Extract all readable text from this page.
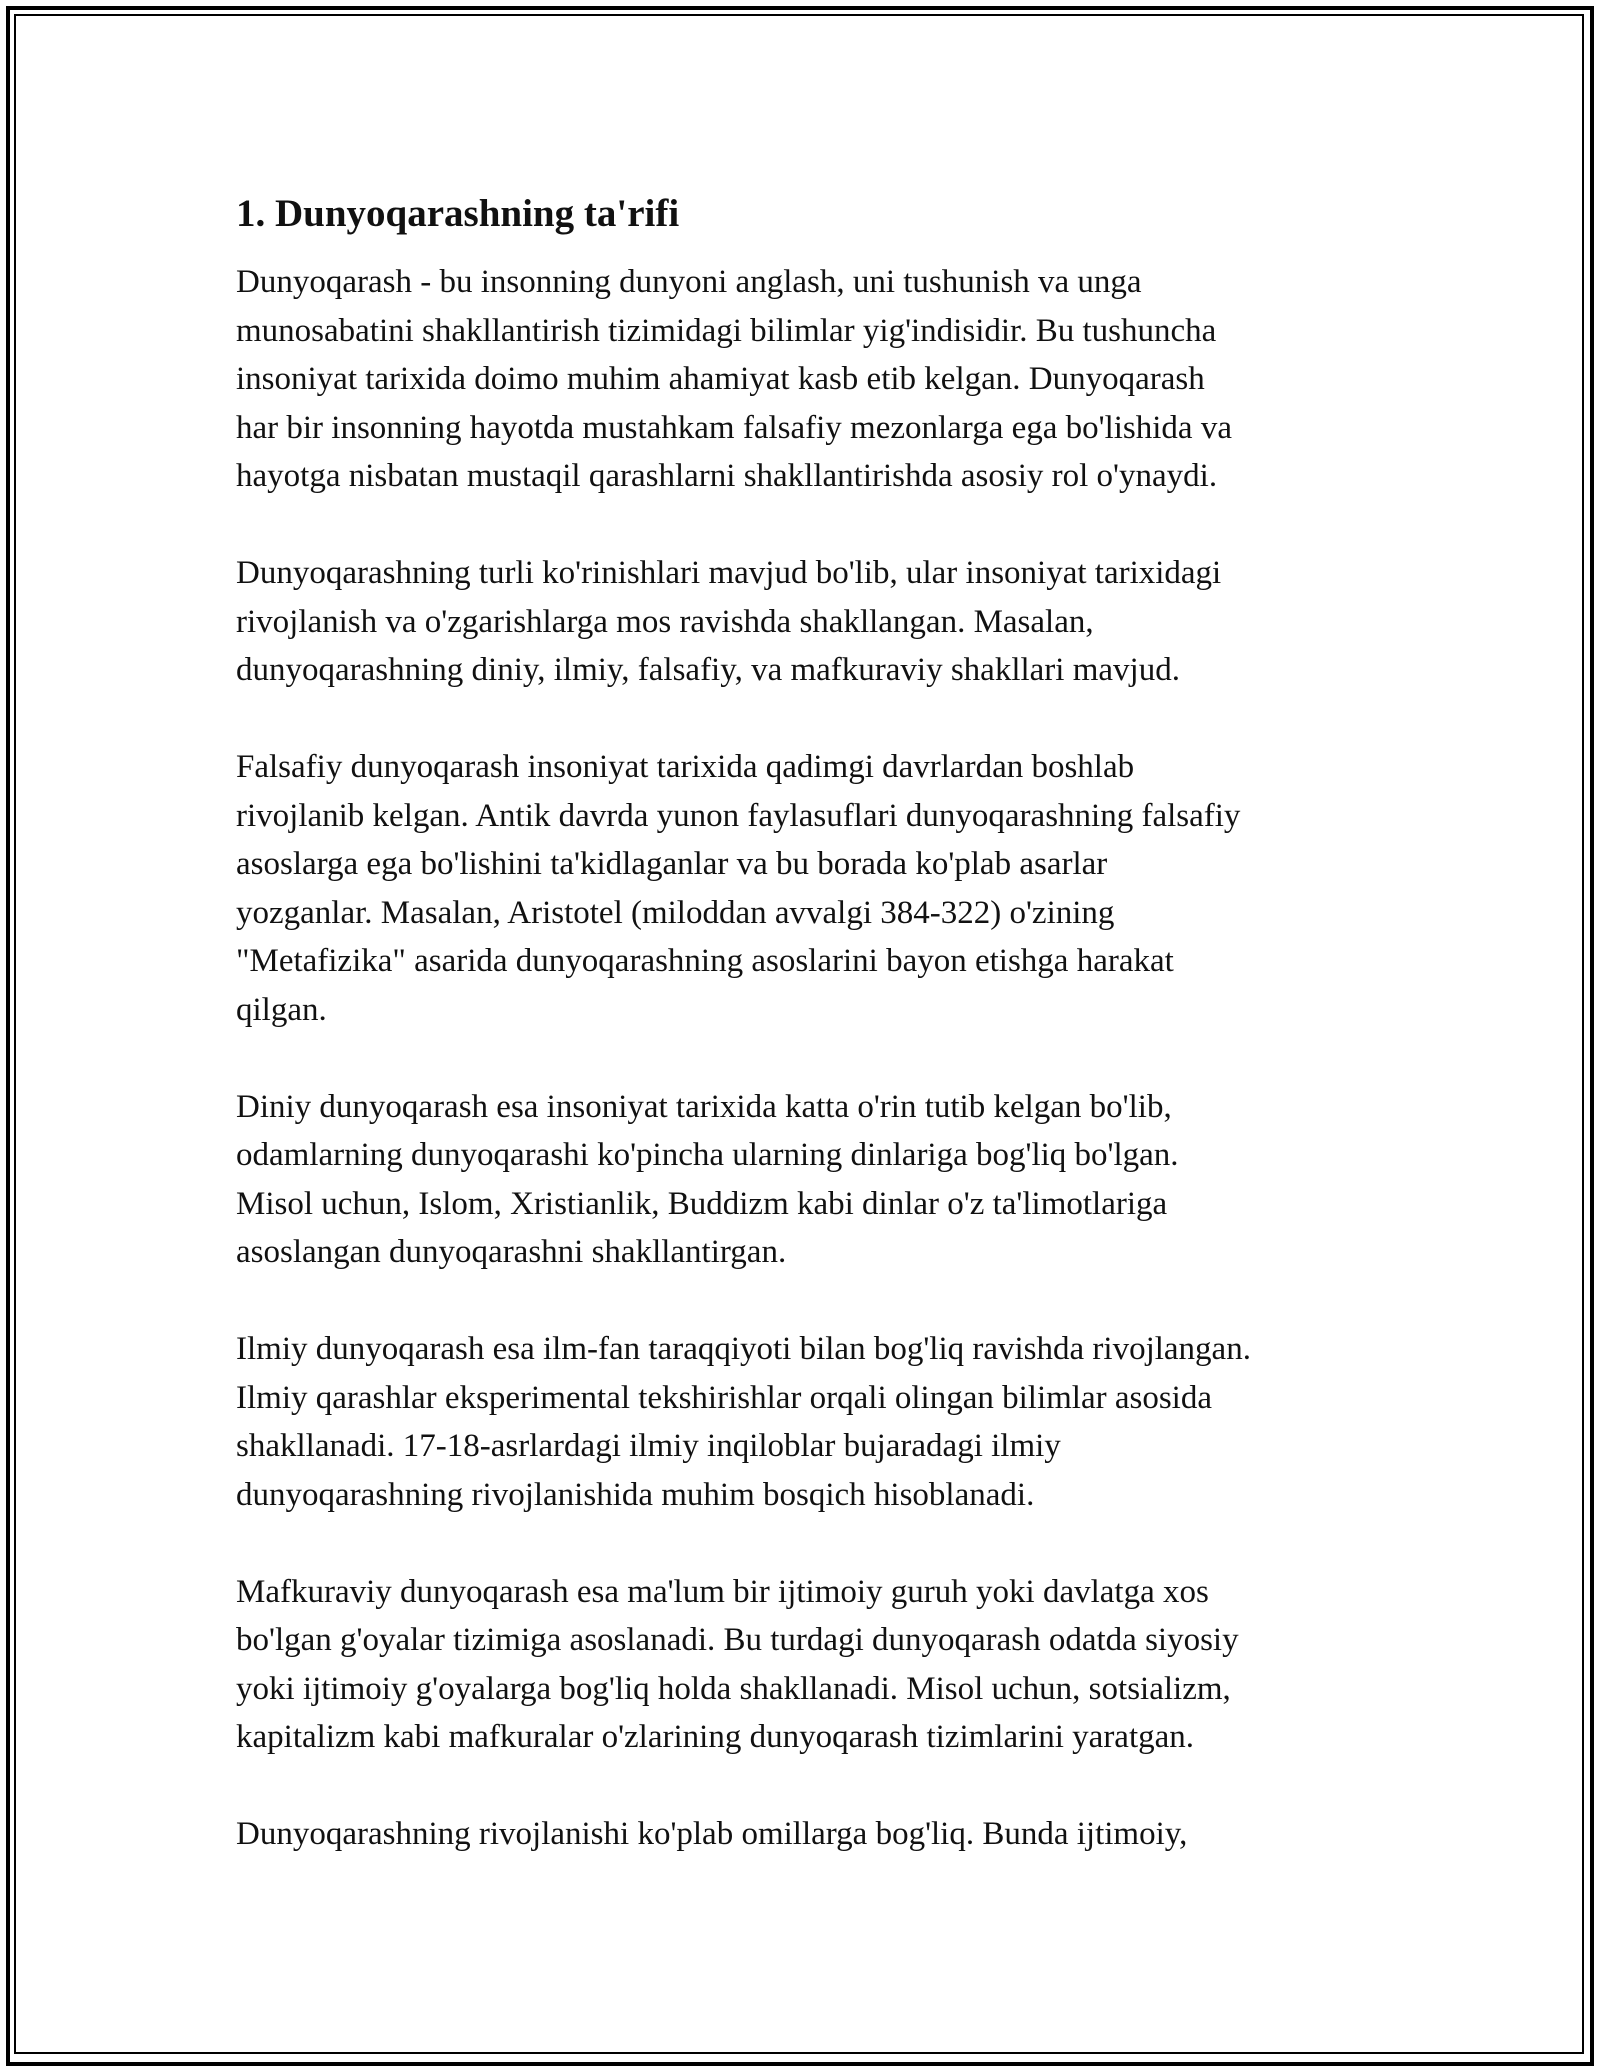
1. Dunyoqarashning ta'rifi

Dunyoqarash - bu insonning dunyoni anglash, uni tushunish va unga
munosabatini shakllantirish tizimidagi bilimlar yig'indisidir. Bu tushuncha
insoniyat tarixida doimo muhim ahamiyat kasb etib kelgan. Dunyoqarash
har bir insonning hayotda mustahkam falsafiy mezonlarga ega bo'lishida va
hayotga nisbatan mustaqil qarashlarni shakllantirishda asosiy rol o'ynaydi.

Dunyoqarashning turli ko'rinishlari mavjud bo'lib, ular insoniyat tarixidagi
rivojlanish va o'zgarishlarga mos ravishda shakllangan. Masalan,
dunyoqarashning diniy, ilmiy, falsafiy, va mafkuraviy shakllari mavjud.

Falsafiy dunyoqarash insoniyat tarixida qadimgi davrlardan boshlab
rivojlanib kelgan. Antik davrda yunon faylasuflari dunyoqarashning falsafiy
asoslarga ega bo'lishini ta'kidlaganlar va bu borada ko'plab asarlar
yozganlar. Masalan, Aristotel (miloddan avvalgi 384-322) o'zining
"Metafizika" asarida dunyoqarashning asoslarini bayon etishga harakat
qilgan.

Diniy dunyoqarash esa insoniyat tarixida katta o'rin tutib kelgan bo'lib,
odamlarning dunyoqarashi ko'pincha ularning dinlariga bog'liq bo'lgan.
Misol uchun, Islom, Xristianlik, Buddizm kabi dinlar o'z ta'limotlariga
asoslangan dunyoqarashni shakllantirgan.

Ilmiy dunyoqarash esa ilm-fan taraqqiyoti bilan bog'liq ravishda rivojlangan.
Ilmiy qarashlar eksperimental tekshirishlar orqali olingan bilimlar asosida
shakllanadi. 17-18-asrlardagi ilmiy inqiloblar bujaradagi ilmiy
dunyoqarashning rivojlanishida muhim bosqich hisoblanadi.

Mafkuraviy dunyoqarash esa ma'lum bir ijtimoiy guruh yoki davlatga xos
bo'lgan g'oyalar tizimiga asoslanadi. Bu turdagi dunyoqarash odatda siyosiy
yoki ijtimoiy g'oyalarga bog'liq holda shakllanadi. Misol uchun, sotsializm,
kapitalizm kabi mafkuralar o'zlarining dunyoqarash tizimlarini yaratgan.

Dunyoqarashning rivojlanishi ko'plab omillarga bog'liq. Bunda ijtimoiy,
